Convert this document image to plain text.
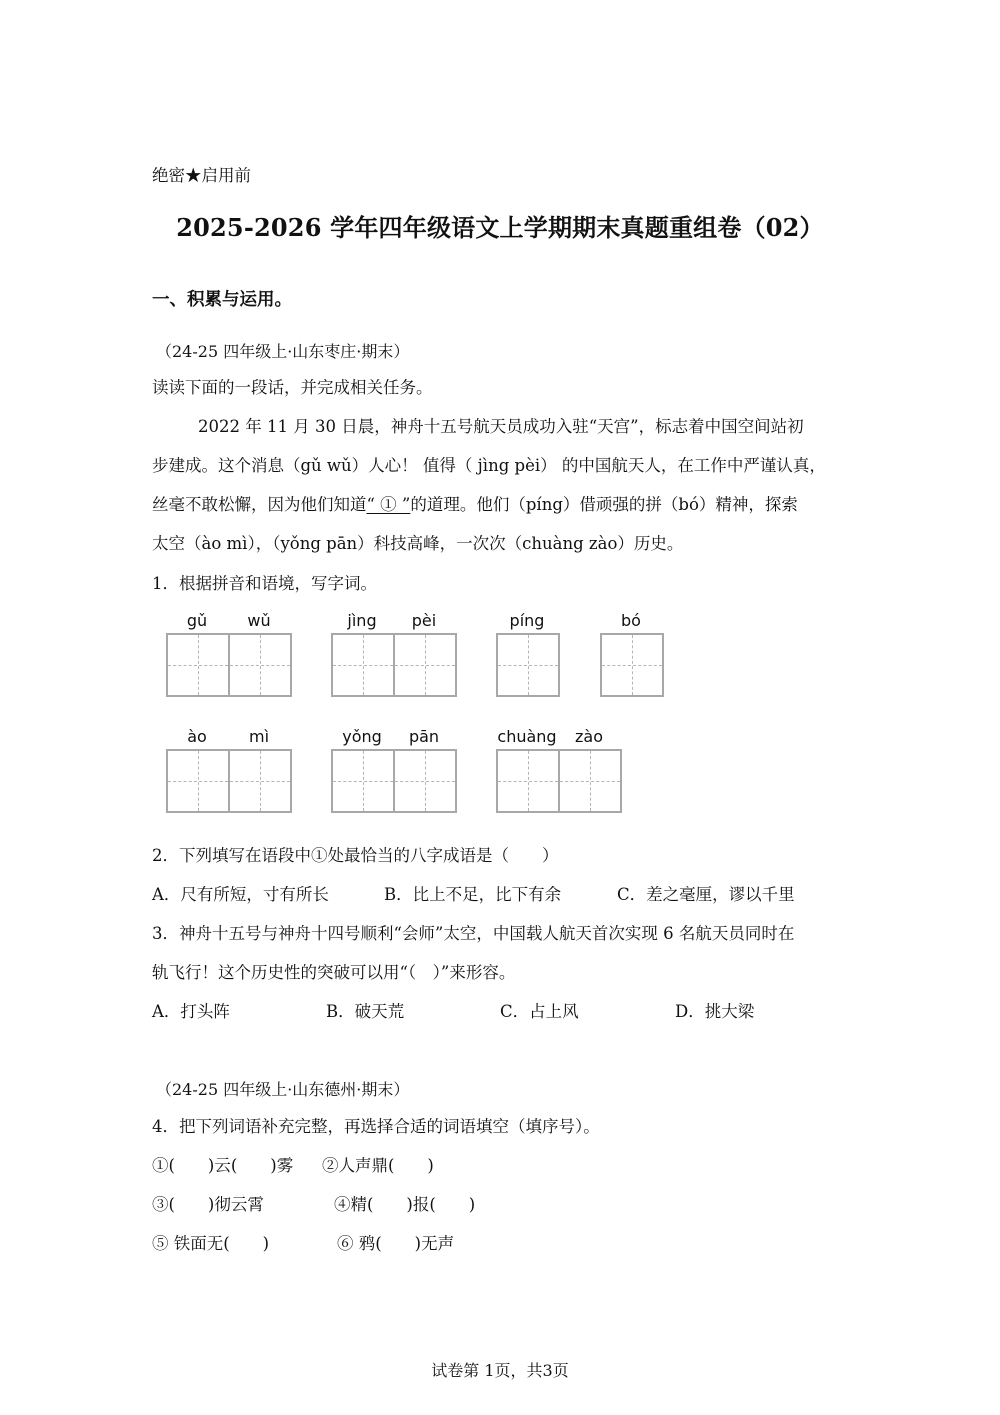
绝密★启用前
2025-2026 学年四年级语文上学期期末真题重组卷（02）
一、积累与运用。
（24-25 四年级上·山东枣庄·期末）
读读下面的一段话，并完成相关任务。
2022 年 11 月 30 日晨，神舟十五号航天员成功入驻“天宫”，标志着中国空间站初
步建成。这个消息（gǔ wǔ）人心！ 值得（ jìng pèi） 的中国航天人，在工作中严谨认真，
丝毫不敢松懈，因为他们知道“ ① ”的道理。他们（píng）借顽强的拼（bó）精神，探索
太空（ào mì），（yǒng pān）科技高峰，一次次（chuàng zào）历史。
1．根据拼音和语境，写字词。
gǔ	wǔ	jìng	pèi	píng	bó
ào	mì	yǒng	pān	chuàng	zào
2．下列填写在语段中①处最恰当的八字成语是（　　）
A．尺有所短，寸有所长	B．比上不足，比下有余	C．差之毫厘，谬以千里
3．神舟十五号与神舟十四号顺利“会师”太空，中国载人航天首次实现 6 名航天员同时在
轨飞行！这个历史性的突破可以用“（　）”来形容。
A．打头阵	B．破天荒	C．占上风	D．挑大梁
（24-25 四年级上·山东德州·期末）
4．把下列词语补充完整，再选择合适的词语填空（填序号）。
①(　　)云(　　)雾 ②人声鼎(　　)
③(　　)彻云霄	④精(　　)报(　　)
⑤ 铁面无(　　)	⑥ 鸦(　　)无声
试卷第 1页，共3页
